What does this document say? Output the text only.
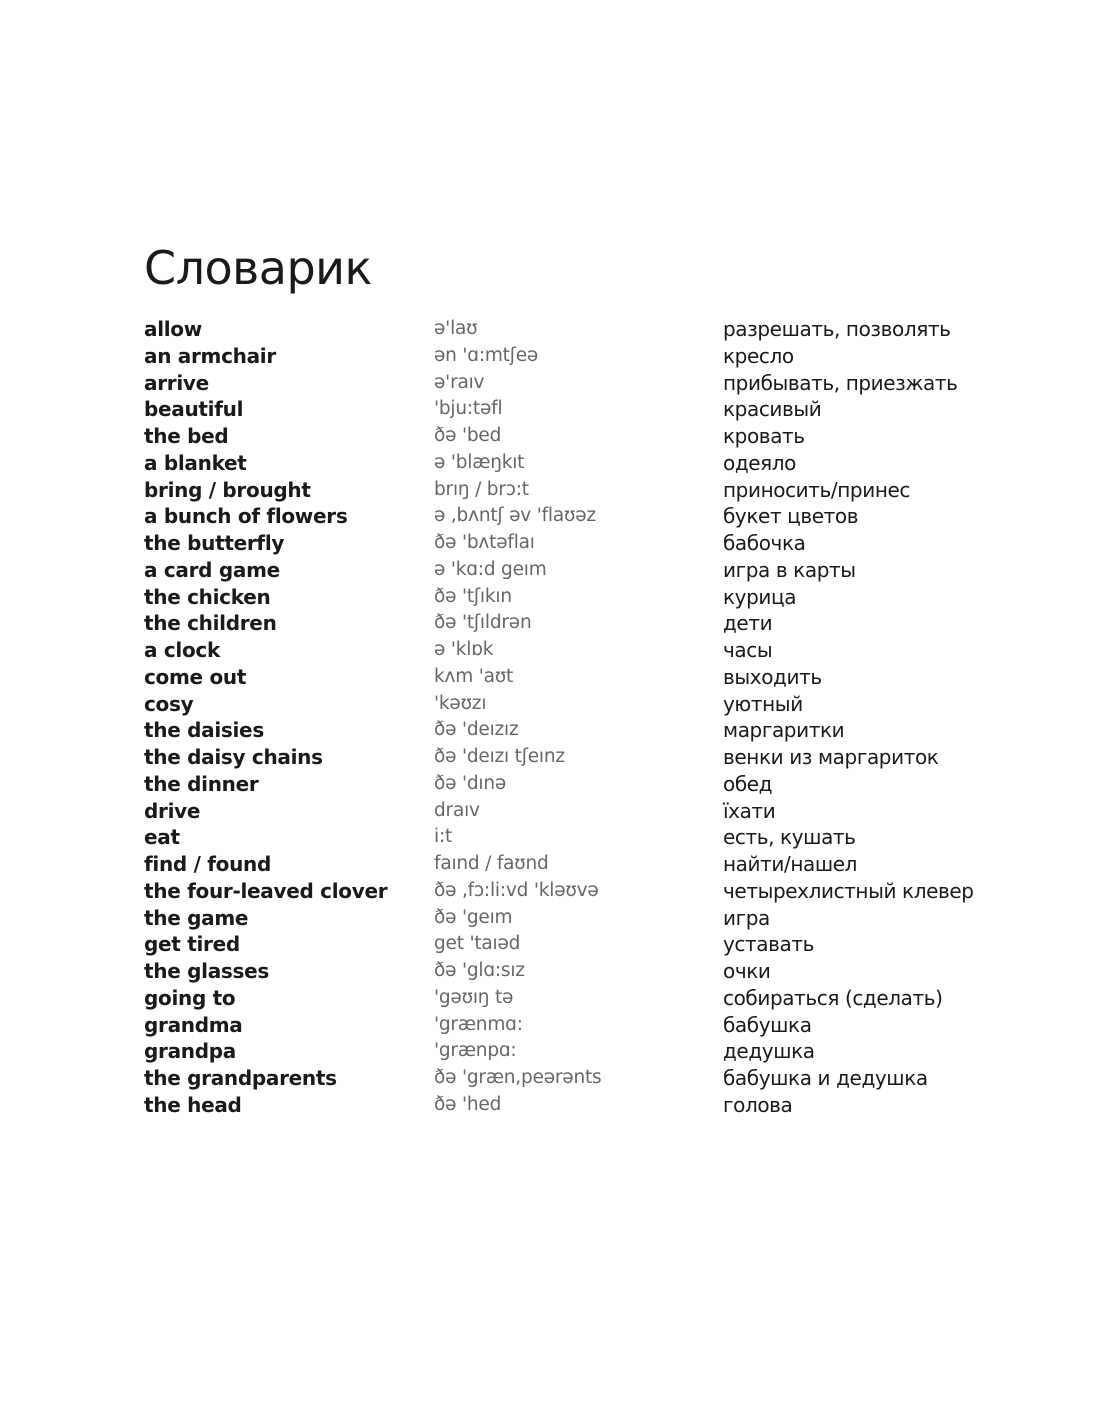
Словарик
allow	ə'laʊ	разрешать, позволять
an armchair	ən 'ɑ:mtʃeə	кресло
arrive	ə'raıv	прибывать, приезжать
beautiful	'bju:təfl	красивый
the bed	ðə 'bed	кровать
a blanket	ə 'blæŋkıt	одеяло
bring / brought	brıŋ / brɔ:t	приносить/принес
a bunch of flowers	ə ,bʌntʃ əv 'flaʊəz	букет цветов
the butterfly	ðə 'bʌtəflaı	бабочка
a card game	ə 'kɑ:d geım	игра в карты
the chicken	ðə 'tʃıkın	курица
the children	ðə 'tʃıldrən	дети
a clock	ə 'klɒk	часы
come out	kʌm 'aʊt	выходить
cosy	'kəʊzı	уютный
the daisies	ðə 'deızız	маргаритки
the daisy chains	ðə 'deızı tʃeınz	венки из маргариток
the dinner	ðə 'dınə	обед
drive	draıv	їхати
eat	i:t	есть, кушать
find / found	faınd / faʊnd	найти/нашел
the four-leaved clover	ðə ,fɔ:li:vd 'kləʊvə	четырехлистный клевер
the game	ðə 'geım	игра
get tired	get 'taıəd	уставать
the glasses	ðə 'glɑ:sız	очки
going to	'gəʊıŋ tə	собираться (сделать)
grandma	'grænmɑ:	бабушка
grandpa	'grænpɑ:	дедушка
the grandparents	ðə 'græn,peərənts	бабушка и дедушка
the head	ðə 'hed	голова
